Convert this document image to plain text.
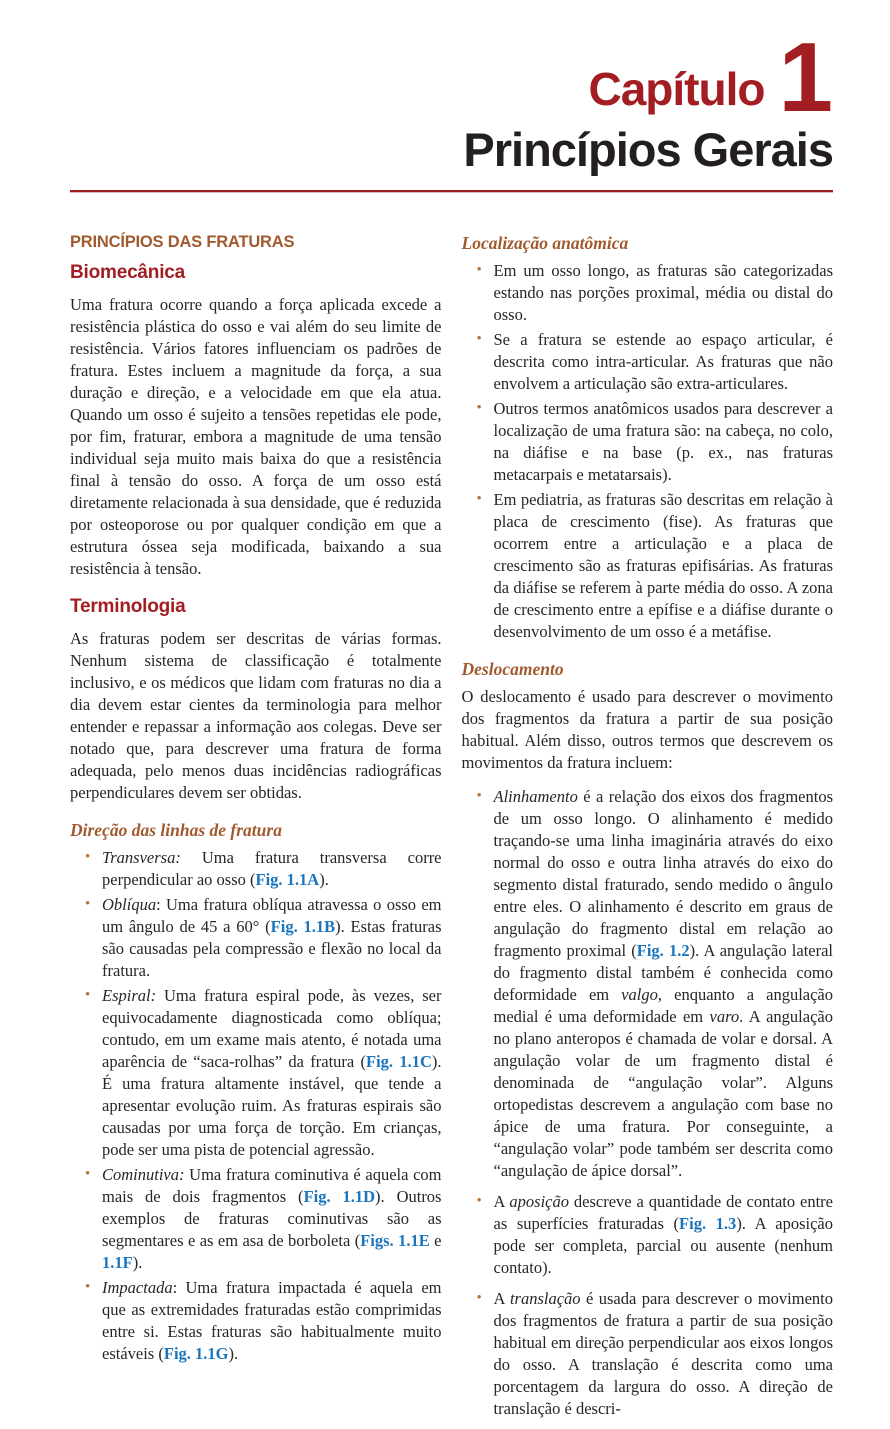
Capítulo 1
Princípios Gerais
PRINCÍPIOS DAS FRATURAS
Biomecânica

Uma fratura ocorre quando a força aplicada excede a resistência plástica do osso e vai além do seu limite de resistência. Vários fatores influenciam os padrões de fratura. Estes incluem a magnitude da força, a sua duração e direção, e a velocidade em que ela atua. Quando um osso é sujeito a tensões repetidas ele pode, por fim, fraturar, embora a magnitude de uma tensão individual seja muito mais baixa do que a resistência final à tensão do osso. A força de um osso está diretamente relacionada à sua densidade, que é reduzida por osteoporose ou por qualquer condição em que a estrutura óssea seja modificada, baixando a sua resistência à tensão.

Terminologia

As fraturas podem ser descritas de várias formas. Nenhum sistema de classificação é totalmente inclusivo, e os médicos que lidam com fraturas no dia a dia devem estar cientes da terminologia para melhor entender e repassar a informação aos colegas. Deve ser notado que, para descrever uma fratura de forma adequada, pelo menos duas incidências radiográficas perpendiculares devem ser obtidas.

Direção das linhas de fratura
• Transversa: Uma fratura transversa corre perpendicular ao osso (Fig. 1.1A).
• Oblíqua: Uma fratura oblíqua atravessa o osso em um ângulo de 45 a 60° (Fig. 1.1B). Estas fraturas são causadas pela compressão e flexão no local da fratura.
• Espiral: Uma fratura espiral pode, às vezes, ser equivocadamente diagnosticada como oblíqua; contudo, em um exame mais atento, é notada uma aparência de “saca-rolhas” da fratura (Fig. 1.1C). É uma fratura altamente instável, que tende a apresentar evolução ruim. As fraturas espirais são causadas por uma força de torção. Em crianças, pode ser uma pista de potencial agressão.
• Cominutiva: Uma fratura cominutiva é aquela com mais de dois fragmentos (Fig. 1.1D). Outros exemplos de fraturas cominutivas são as segmentares e as em asa de borboleta (Figs. 1.1E e 1.1F).
• Impactada: Uma fratura impactada é aquela em que as extremidades fraturadas estão comprimidas entre si. Estas fraturas são habitualmente muito estáveis (Fig. 1.1G).
Localização anatômica
• Em um osso longo, as fraturas são categorizadas estando nas porções proximal, média ou distal do osso.
• Se a fratura se estende ao espaço articular, é descrita como intra-articular. As fraturas que não envolvem a articulação são extra-articulares.
• Outros termos anatômicos usados para descrever a localização de uma fratura são: na cabeça, no colo, na diáfise e na base (p. ex., nas fraturas metacarpais e metatarsais).
• Em pediatria, as fraturas são descritas em relação à placa de crescimento (fise). As fraturas que ocorrem entre a articulação e a placa de crescimento são as fraturas epifisárias. As fraturas da diáfise se referem à parte média do osso. A zona de crescimento entre a epífise e a diáfise durante o desenvolvimento de um osso é a metáfise.
Deslocamento

O deslocamento é usado para descrever o movimento dos fragmentos da fratura a partir de sua posição habitual. Além disso, outros termos que descrevem os movimentos da fratura incluem:

• Alinhamento é a relação dos eixos dos fragmentos de um osso longo. O alinhamento é medido traçando-se uma linha imaginária através do eixo normal do osso e outra linha através do eixo do segmento distal fraturado, sendo medido o ângulo entre eles. O alinhamento é descrito em graus de angulação do fragmento distal em relação ao fragmento proximal (Fig. 1.2). A angulação lateral do fragmento distal também é conhecida como deformidade em valgo, enquanto a angulação medial é uma deformidade em varo. A angulação no plano anteropos é chamada de volar e dorsal. A angulação volar de um fragmento distal é denominada de “angulação volar”. Alguns ortopedistas descrevem a angulação com base no ápice de uma fratura. Por conseguinte, a “angulação volar” pode também ser descrita como “angulação de ápice dorsal”.
• A aposição descreve a quantidade de contato entre as superfícies fraturadas (Fig. 1.3). A aposição pode ser completa, parcial ou ausente (nenhum contato).
• A translação é usada para descrever o movimento dos fragmentos de fratura a partir de sua posição habitual em direção perpendicular aos eixos longos do osso. A translação é descrita como uma porcentagem da largura do osso. A direção de translação é descri-
